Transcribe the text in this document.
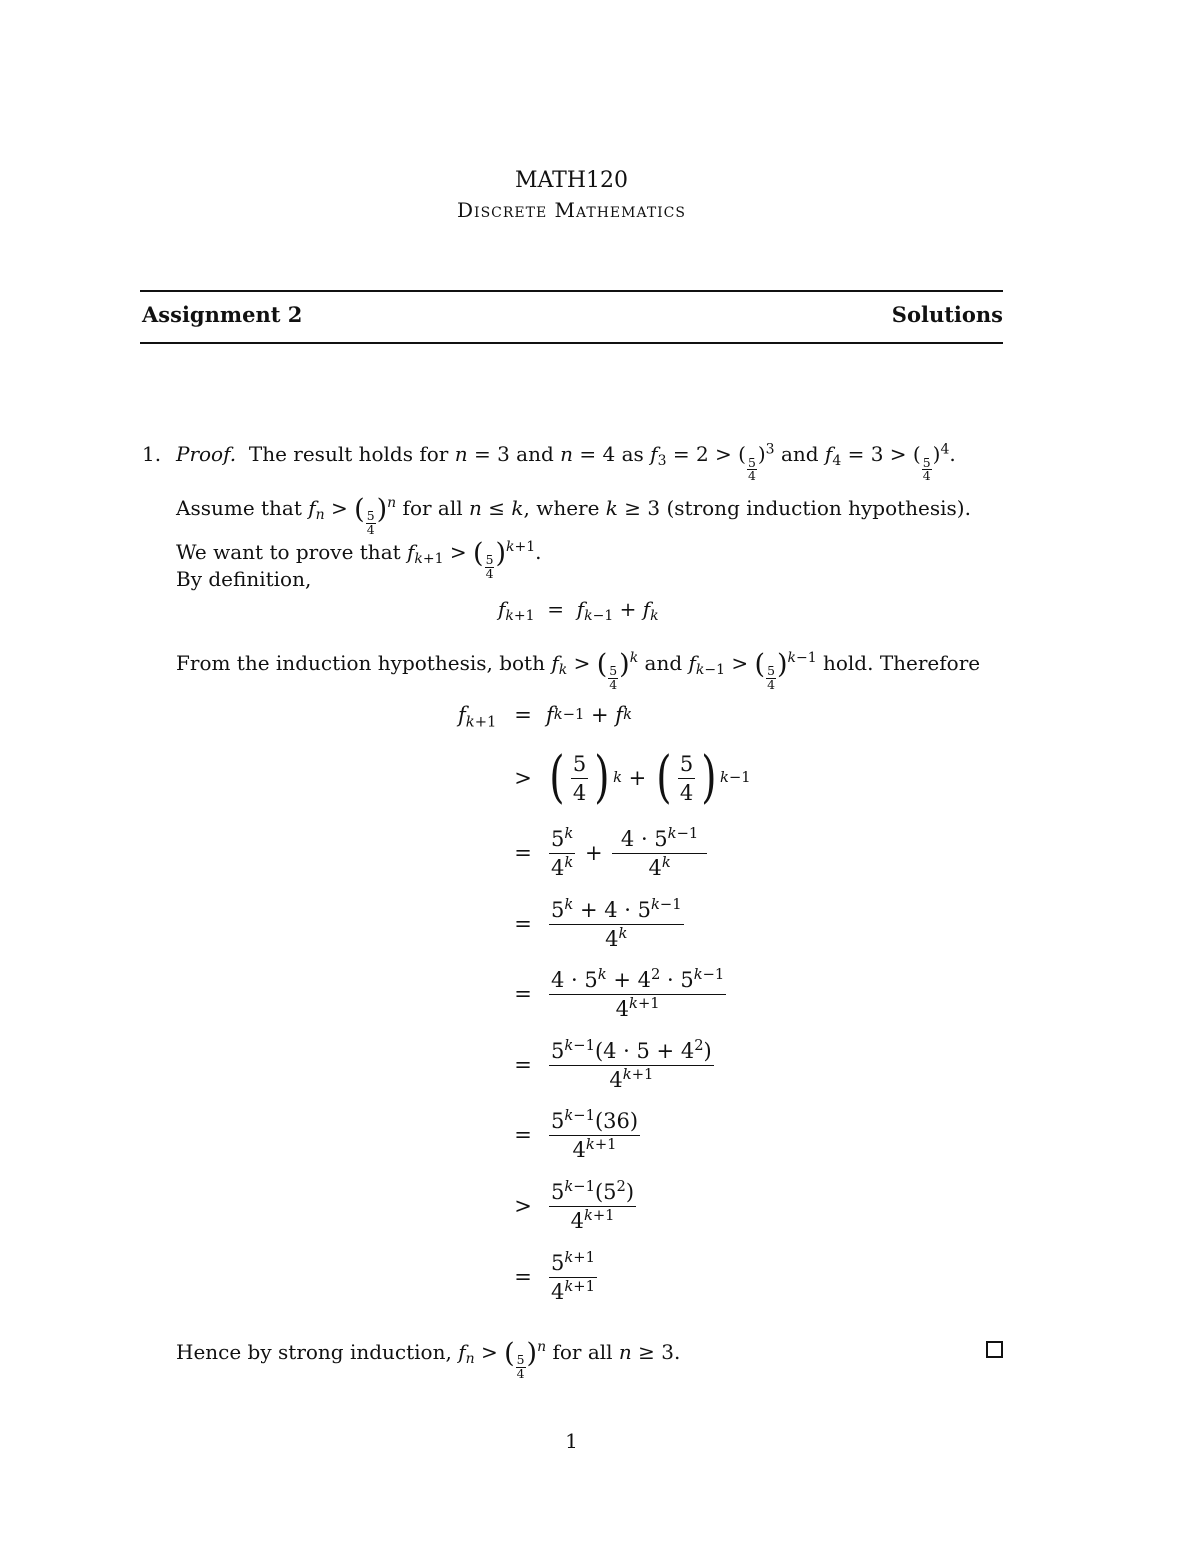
MATH120
Discrete Mathematics
Assignment 2	Solutions
1. Proof.  The result holds for n = 3 and n = 4 as $f_3 = 2$ > (
$\frac{5}{4}$
)$^3$ and $f_4 = 3$ > (
$\frac{5}{4}$
)$^4$.
Assume that $f_n$ > ( $\frac{5}{4} )^n$ for all n ≤ k, where k ≥ 3 (strong induction hypothesis).
We want to prove that $f_{k+1}$ > ( $\frac{5}{4} )^{k+1}$.
By definition,
$f_{k+1} = f_{k-1} + f_k$
From the induction hypothesis, both $f_k$ > ( $\frac{5}{4} )^k$ and $f_{k-1}$ > ( $\frac{5}{4} )^{k-1}$ hold. Therefore
$f_{k+1} = f$ k −1 + f k
> ( $\frac{5}{4}$ ) k + ( $\frac{5}{4}$ ) k−1
= $\frac{5^k}{4^k} + \frac{4 \cdot 5^{k-1}}{4^k}$
= $\frac{5^k + 4 \cdot 5^{k-1}}{4^k}$
= $\frac{4 \cdot 5^k + 4^2 \cdot 5^{k-1}}{4^{k+1}}$
= $\frac{5^{k-1}(4 \cdot 5 + 4^2)}{4^{k+1}}$
= $\frac{5^{k-1}(36)}{4^{k+1}}$
> $\frac{5^{k-1}(5^2)}{4^{k+1}}$
= $\frac{5^{k+1}}{4^{k+1}}$
Hence by strong induction, $f_n$ > ( $\frac{5}{4} )^n$ for all n ≥ 3.
1
